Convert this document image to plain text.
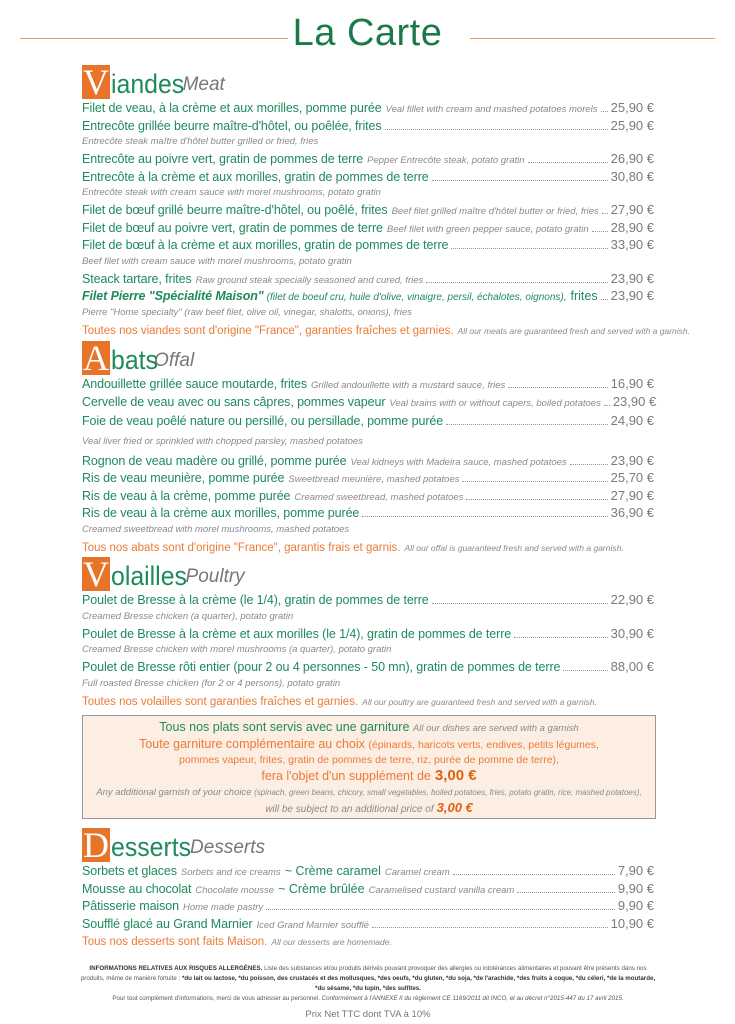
La Carte
V iandes
Meat
Filet de veau, à la crème et aux morilles, pomme purée Veal fillet with cream and mashed potatoes morels 25,90 €
Entrecôte grillée beurre maître-d'hôtel, ou poêlée, frites	25,90 €
Entrecôte steak maître d'hôtel butter grilled or fried, fries
Entrecôte au poivre vert, gratin de pommes de terre Pepper Entrecôte steak, potato gratin	26,90 €
Entrecôte à la crème et aux morilles, gratin de pommes de terre	30,80 €
Entrecôte steak with cream sauce with morel mushrooms, potato gratin
Filet de bœuf grillé beurre maître-d'hôtel, ou poêlé, frites Beef filet grilled maître d'hôtel butter or fried, fries 27,90 €
Filet de bœuf au poivre vert, gratin de pommes de terre Beef filet with green pepper sauce, potato gratin 28,90 €
Filet de bœuf à la crème et aux morilles, gratin de pommes de terre	33,90 €
Beef filet with cream sauce with morel mushrooms, potato gratin
Steack tartare, frites Raw ground steak specially seasoned and cured, fries	23,90 €
Filet Pierre "Spécialité Maison" (filet de boeuf cru, huile d'olive, vinaigre, persil, échalotes, oignons), frites 23,90 €
Pierre "Home specialty" (raw beef filet, olive oil, vinegar, shalotts, onions), fries
Toutes nos viandes sont d'origine "France", garanties fraîches et garnies. All our meats are guaranteed fresh and served with a garnish.
A bats
Offal
Andouillette grillée sauce moutarde, frites Grilled andouillette with a mustard sauce, fries	16,90 €
Cervelle de veau avec ou sans câpres, pommes vapeur Veal brains with or without capers, boiled potatoes 23,90 €
Foie de veau poêlé nature ou persillé, ou persillade, pomme purée	24,90 €
Veal liver fried or sprinkled with chopped parsley, mashed potatoes
Rognon de veau madère ou grillé, pomme purée Veal kidneys with Madeira sauce, mashed potatoes	23,90 €
Ris de veau meunière, pomme purée Sweetbread meunière, mashed potatoes	25,70 €
Ris de veau à la crème, pomme purée Creamed sweetbread, mashed potatoes	27,90 €
Ris de veau à la crème aux morilles, pomme purée	36,90 €
Creamed sweetbread with morel mushrooms, mashed potatoes
Tous nos abats sont d'origine "France", garantis frais et garnis. All our offal is guaranteed fresh and served with a garnish.
V olailles
Poultry
Poulet de Bresse à la crème (le 1/4), gratin de pommes de terre	22,90 €
Creamed Bresse chicken (a quarter), potato gratin
Poulet de Bresse à la crème et aux morilles (le 1/4), gratin de pommes de terre	30,90 €
Creamed Bresse chicken with morel mushrooms (a quarter), potato gratin
Poulet de Bresse rôti entier (pour 2 ou 4 personnes - 50 mn), gratin de pommes de terre	88,00 €
Full roasted Bresse chicken (for 2 or 4 persons), potato gratin
Toutes nos volailles sont garanties fraîches et garnies. All our poultry are guaranteed fresh and served with a garnish.
Tous nos plats sont servis avec une garniture All our dishes are served with a garnish
Toute garniture complémentaire au choix (épinards, haricots verts, endives, petits légumes,
pommes vapeur, frites, gratin de pommes de terre, riz, purée de pomme de terre),
fera l'objet d'un supplément de 3,00 €
Any additional garnish of your choice (spinach, green beans, chicory, small vegetables, boiled potatoes, fries, potato gratin, rice, mashed potatoes),
will be subject to an additional price of 3,00 €
D esserts
Desserts
Sorbets et glaces Sorbets and ice creams ~ Crème caramel Caramel cream	7,90 €
Mousse au chocolat Chocolate mousse ~ Crème brûlée Caramelised custard vanilla cream	9,90 €
Pâtisserie maison Home made pastry	9,90 €
Soufflé glacé au Grand Marnier Iced Grand Marnier soufflé	10,90 €
Tous nos desserts sont faits Maison. All our desserts are homemade.
INFORMATIONS RELATIVES AUX RISQUES ALLERGÈNES. Liste des substances et/ou produits dérivés pouvant provoquer des allergies ou intolérances alimentaires et pouvant être présents dans nos produits, même de manière fortuite : *du lait ou lactose, *du poisson, des crustacés et des mollusques, *des oeufs, *du gluten, *du soja, *de l'arachide, *des fruits à coque, *du céleri, *de la moutarde, *du sésame, *du lupin, *des sulfites.
Pour tout complément d'informations, merci de vous adresser au personnel. Conformément à l'ANNEXE II du règlement CE 1169/2011 dit INCO, et au décret n°2015-447 du 17 avril 2015.
Prix Net TTC dont TVA à 10%
